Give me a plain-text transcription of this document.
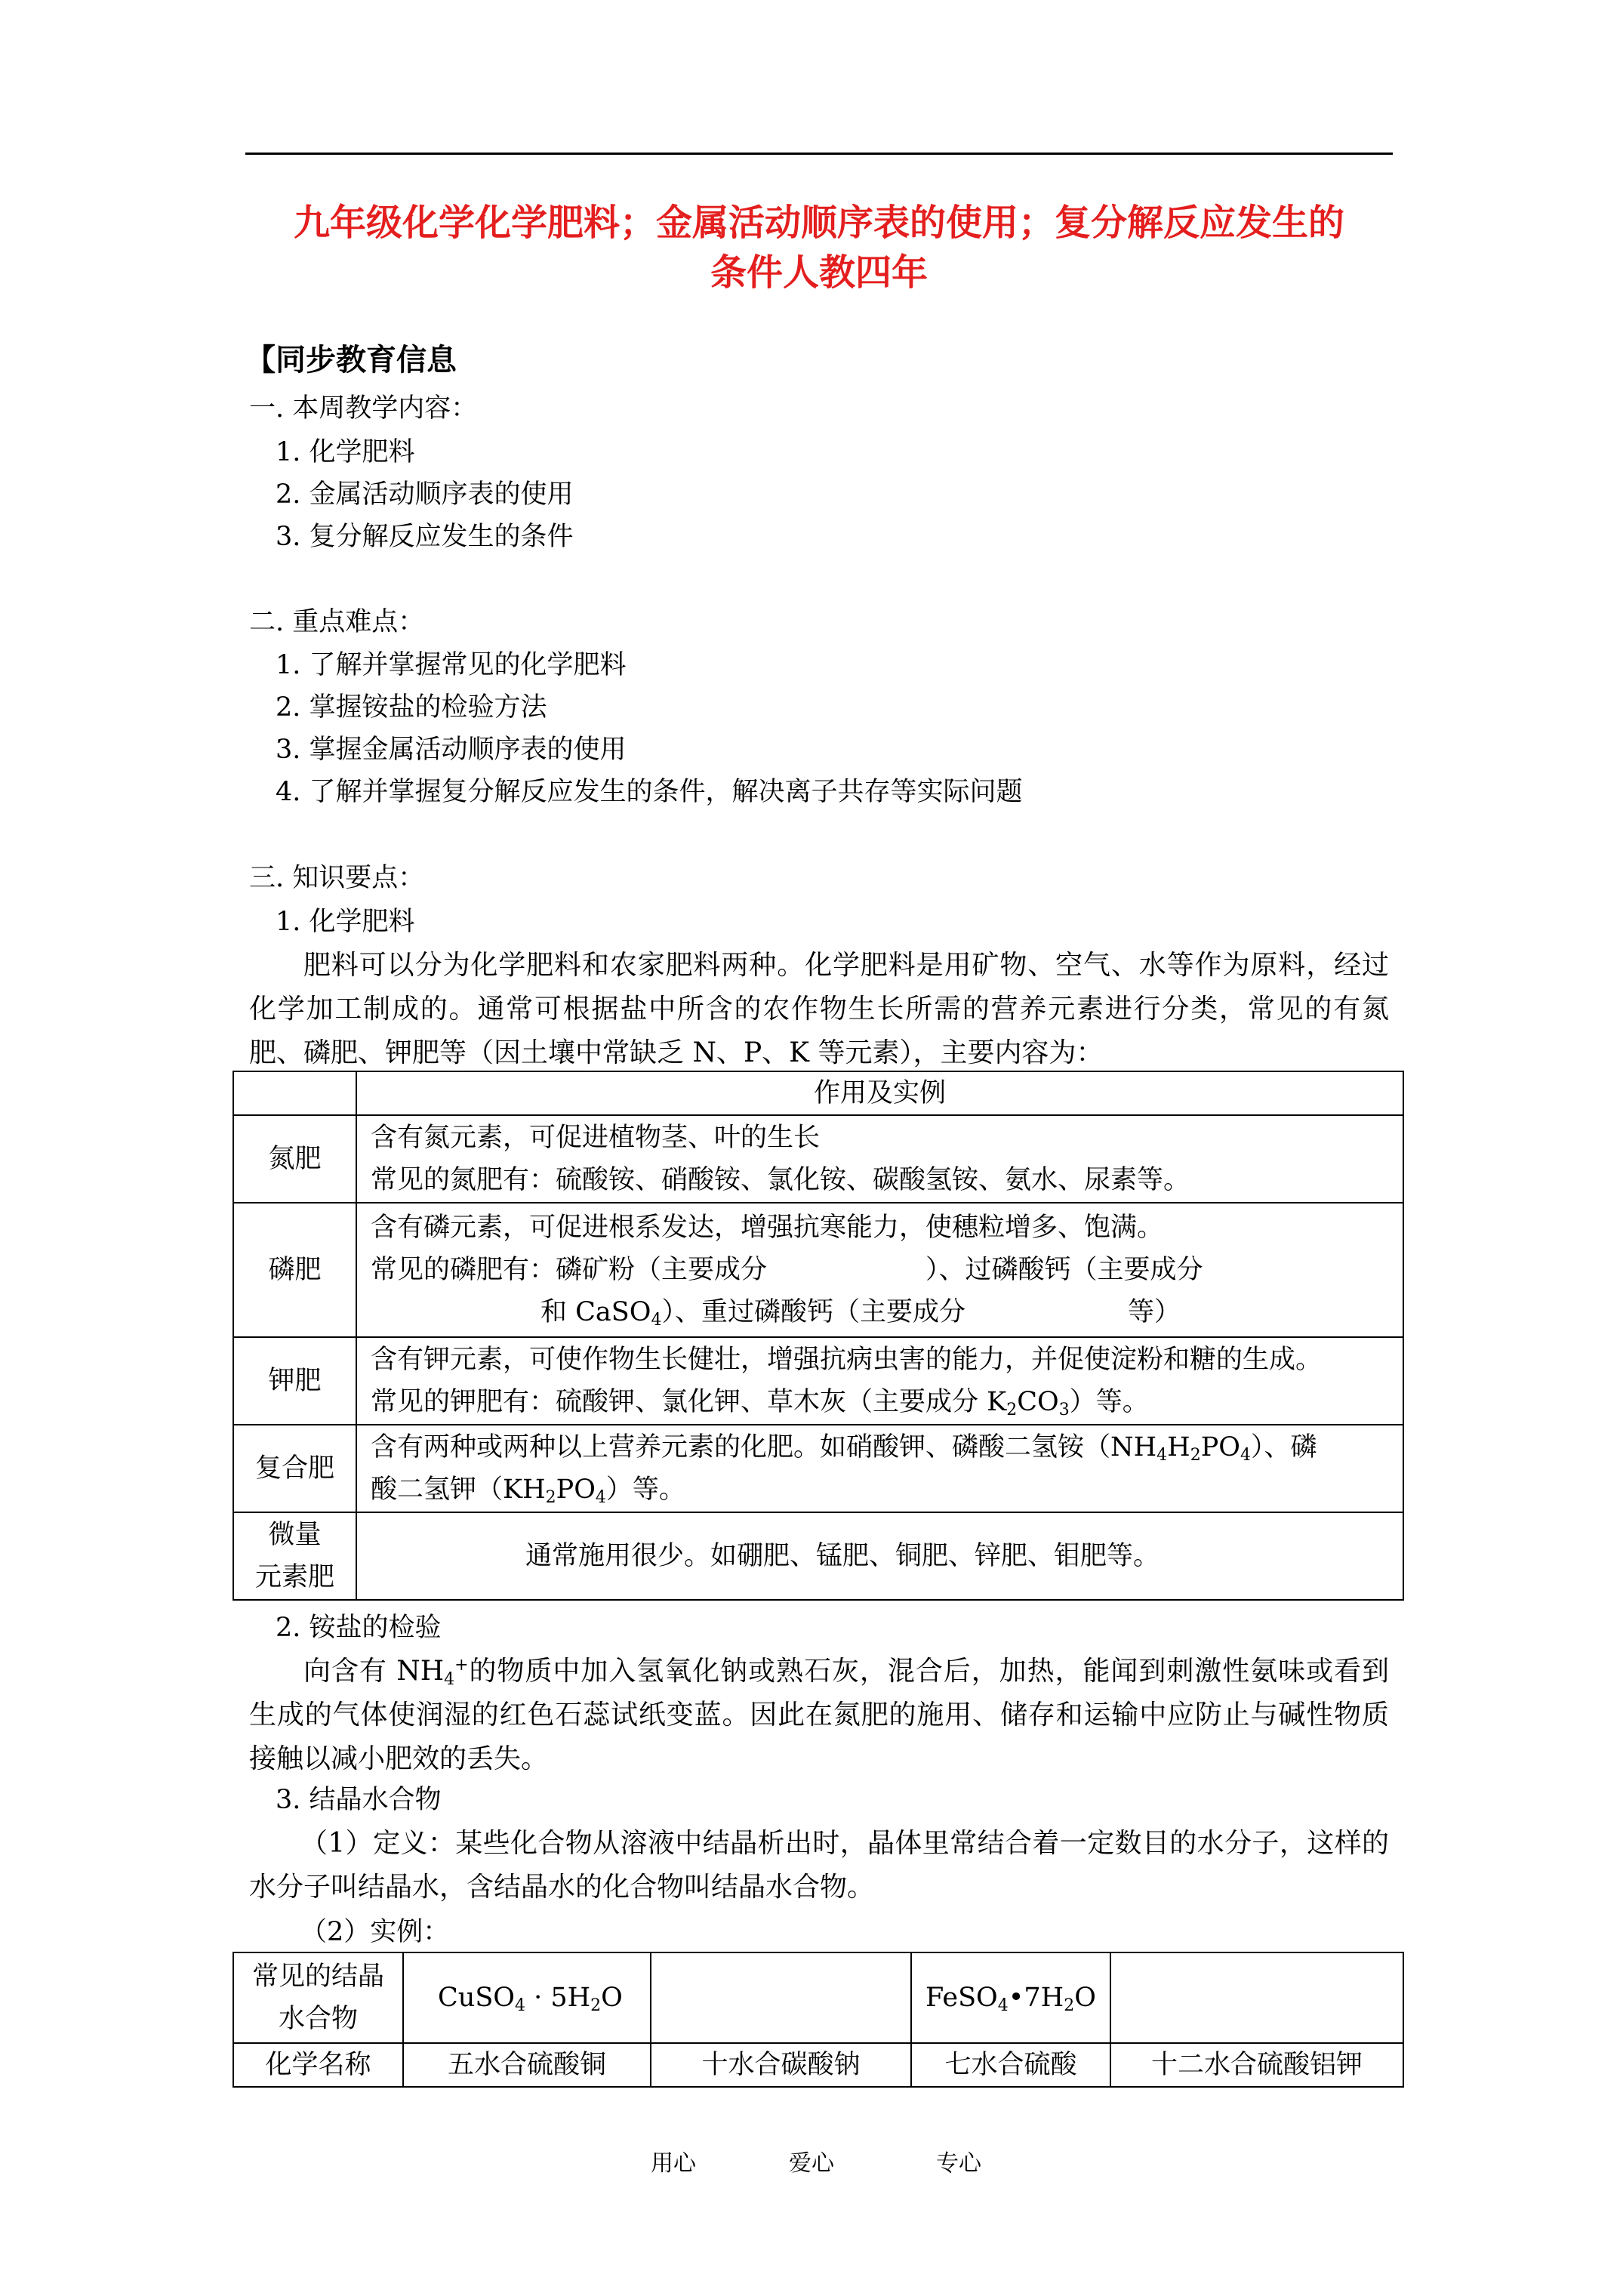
九年级化学化学肥料；金属活动顺序表的使用；复分解反应发生的
条件人教四年
【同步教育信息
一. 本周教学内容：
1. 化学肥料
2. 金属活动顺序表的使用
3. 复分解反应发生的条件
二. 重点难点：
1. 了解并掌握常见的化学肥料
2. 掌握铵盐的检验方法
3. 掌握金属活动顺序表的使用
4. 了解并掌握复分解反应发生的条件，解决离子共存等实际问题
三. 知识要点：
1. 化学肥料
肥料可以分为化学肥料和农家肥料两种。化学肥料是用矿物、空气、水等作为原料，经过化学加工制成的。通常可根据盐中所含的农作物生长所需的营养元素进行分类，常见的有氮肥、磷肥、钾肥等（因土壤中常缺乏 N、P、K 等元素），主要内容为：
	作用及实例
氮肥	含有氮元素，可促进植物茎、叶的生长
常见的氮肥有：硫酸铵、硝酸铵、氯化铵、碳酸氢铵、氨水、尿素等。

磷肥	含有磷元素，可促进根系发达，增强抗寒能力，使穗粒增多、饱满。
常见的磷肥有：磷矿粉（主要成分 ）、过磷酸钙（主要成分
和 CaSO$_4$）、重过磷酸钙（主要成分 等）

钾肥	含有钾元素，可使作物生长健壮，增强抗病虫害的能力，并促使淀粉和糖的生成。
常见的钾肥有：硫酸钾、氯化钾、草木灰（主要成分 $K_2CO_3$）等。

复合肥	含有两种或两种以上营养元素的化肥。如硝酸钾、磷酸二氢铵$(NH_4H_2PO_4)$、磷
酸二氢钾$(KH_2PO_4)$等。

微量
元素肥	通常施用很少。如硼肥、锰肥、铜肥、锌肥、钼肥等。
2. 铵盐的检验
向含有 $NH_4^+$的物质中加入氢氧化钠或熟石灰，混合后，加热，能闻到刺激性氨味或看到生成的气体使润湿的红色石蕊试纸变蓝。因此在氮肥的施用、储存和运输中应防止与碱性物质接触以减小肥效的丢失。
3. 结晶水合物
（1）定义：某些化合物从溶液中结晶析出时，晶体里常结合着一定数目的水分子，这样的水分子叫结晶水，含结晶水的化合物叫结晶水合物。
（2）实例：
常见的结晶
水合物	CuSO$_4$ · $5H_2O$		$FeSO_4•7H_2O$	
化学名称	五水合硫酸铜	十水合碳酸钠	七水合硫酸	十二水合硫酸铝钾
用心	爱心	专心
